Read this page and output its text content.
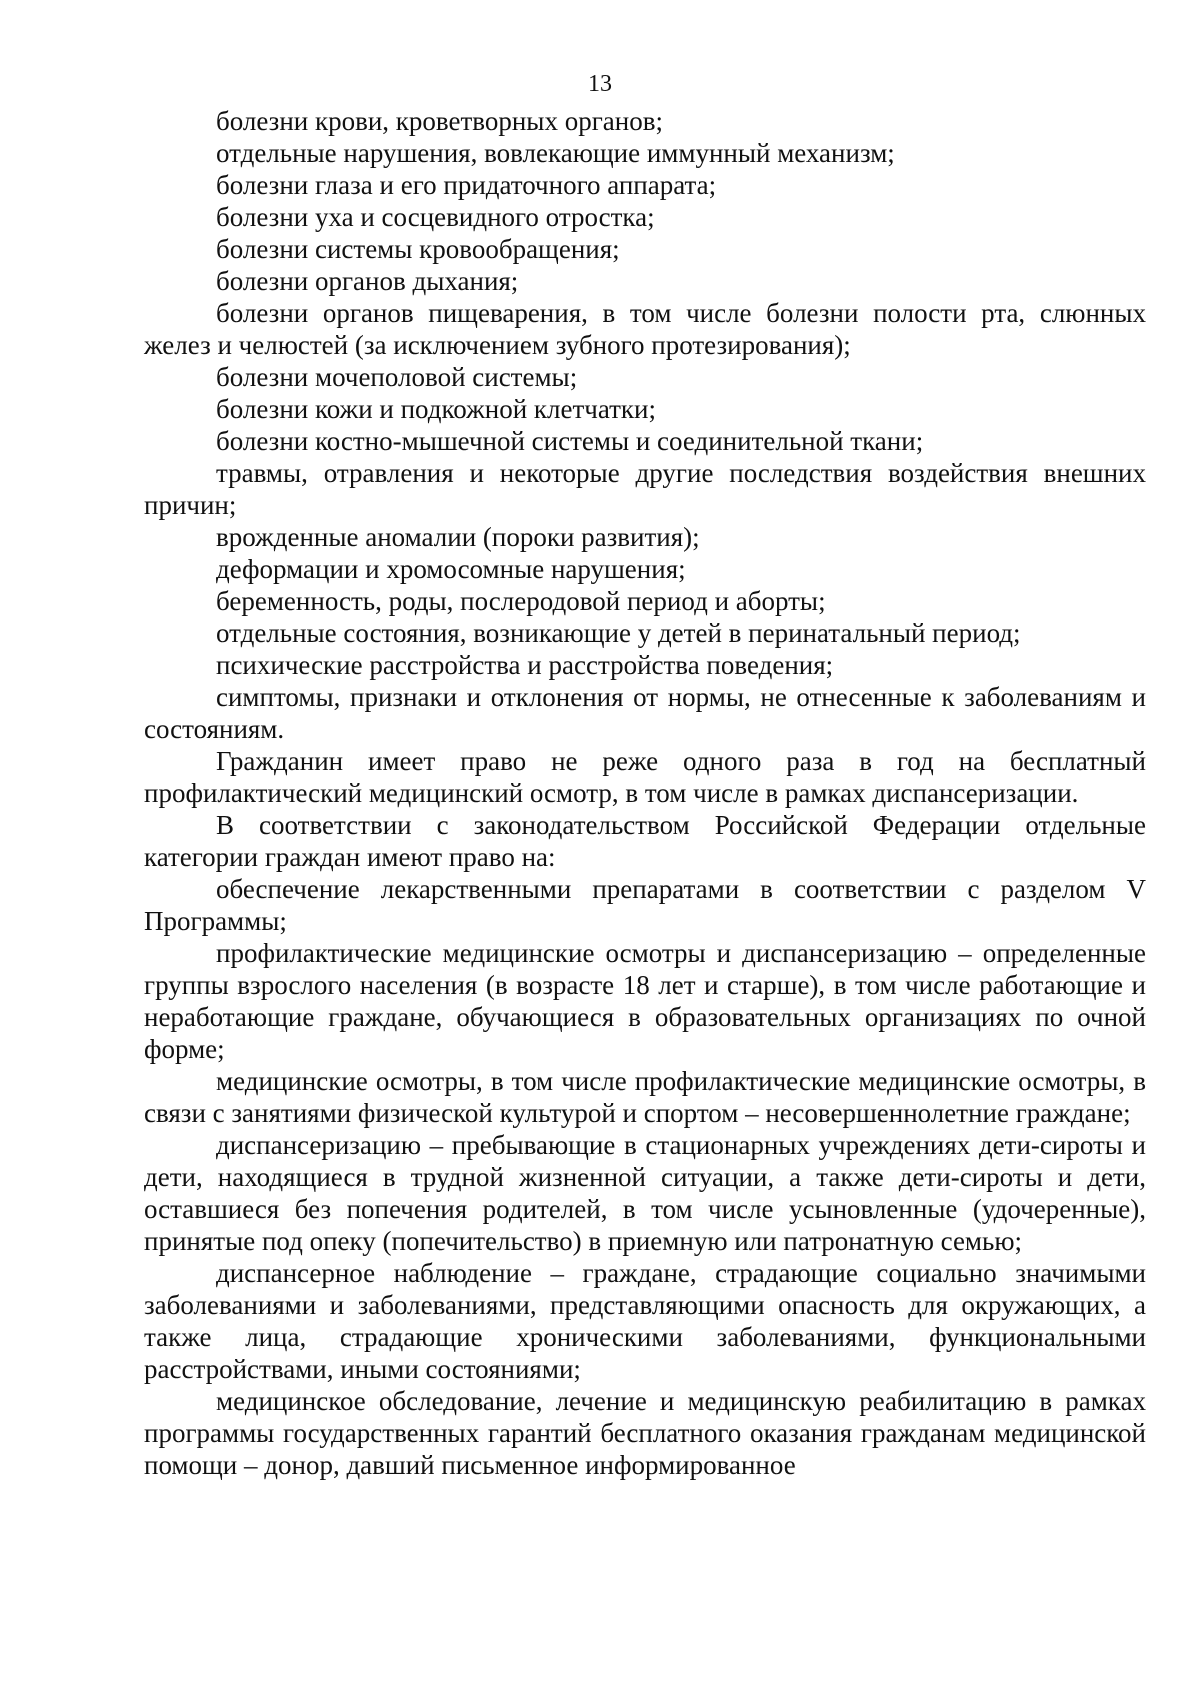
13

болезни крови, кроветворных органов;

отдельные нарушения, вовлекающие иммунный механизм;

болезни глаза и его придаточного аппарата;

болезни уха и сосцевидного отростка;

болезни системы кровообращения;

болезни органов дыхания;

болезни органов пищеварения, в том числе болезни полости рта, слюнных желез и челюстей (за исключением зубного протезирования);

болезни мочеполовой системы;

болезни кожи и подкожной клетчатки;

болезни костно-мышечной системы и соединительной ткани;

травмы, отравления и некоторые другие последствия воздействия внешних причин;

врожденные аномалии (пороки развития);

деформации и хромосомные нарушения;

беременность, роды, послеродовой период и аборты;

отдельные состояния, возникающие у детей в перинатальный период;

психические расстройства и расстройства поведения;

симптомы, признаки и отклонения от нормы, не отнесенные к заболеваниям и состояниям.

Гражданин имеет право не реже одного раза в год на бесплатный профилактический медицинский осмотр, в том числе в рамках диспансеризации.

В соответствии с законодательством Российской Федерации отдельные категории граждан имеют право на:

обеспечение лекарственными препаратами в соответствии с разделом V Программы;

профилактические медицинские осмотры и диспансеризацию – определенные группы взрослого населения (в возрасте 18 лет и старше), в том числе работающие и неработающие граждане, обучающиеся в образовательных организациях по очной форме;

медицинские осмотры, в том числе профилактические медицинские осмотры, в связи с занятиями физической культурой и спортом – несовершеннолетние граждане;

диспансеризацию – пребывающие в стационарных учреждениях дети-сироты и дети, находящиеся в трудной жизненной ситуации, а также дети-сироты и дети, оставшиеся без попечения родителей, в том числе усыновленные (удочеренные), принятые под опеку (попечительство) в приемную или патронатную семью;

диспансерное наблюдение – граждане, страдающие социально значимыми заболеваниями и заболеваниями, представляющими опасность для окружающих, а также лица, страдающие хроническими заболеваниями, функциональными расстройствами, иными состояниями;

медицинское обследование, лечение и медицинскую реабилитацию в рамках программы государственных гарантий бесплатного оказания гражданам медицинской помощи – донор, давший письменное информированное
